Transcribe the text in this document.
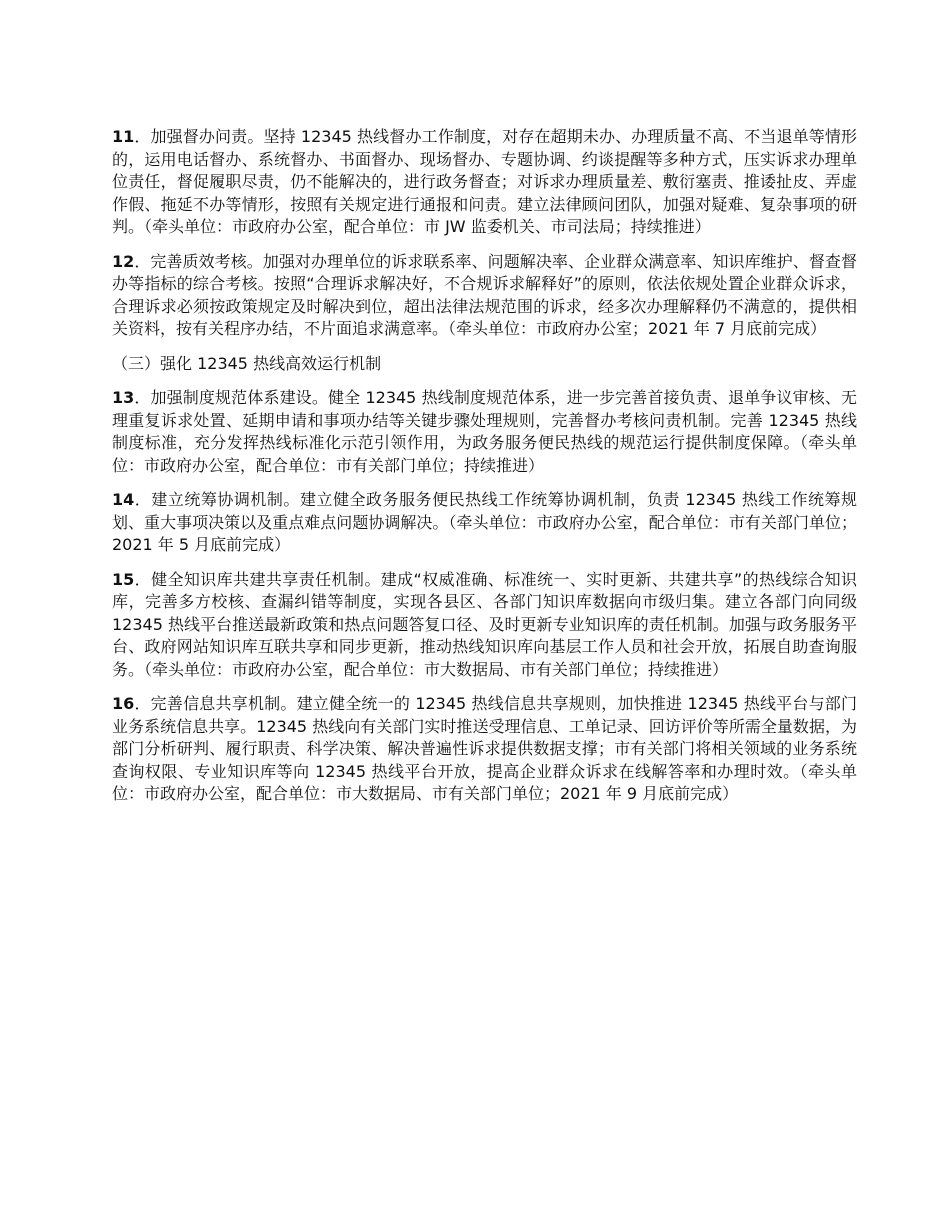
11．加强督办问责。坚持 12345 热线督办工作制度，对存在超期未办、办理质量不高、不当退单等情形的，运用电话督办、系统督办、书面督办、现场督办、专题协调、约谈提醒等多种方式，压实诉求办理单位责任，督促履职尽责，仍不能解决的，进行政务督查；对诉求办理质量差、敷衍塞责、推诿扯皮、弄虚作假、拖延不办等情形，按照有关规定进行通报和问责。建立法律顾问团队，加强对疑难、复杂事项的研判。（牵头单位：市政府办公室，配合单位：市 JW 监委机关、市司法局；持续推进）

12．完善质效考核。加强对办理单位的诉求联系率、问题解决率、企业群众满意率、知识库维护、督查督办等指标的综合考核。按照“合理诉求解决好，不合规诉求解释好”的原则，依法依规处置企业群众诉求，合理诉求必须按政策规定及时解决到位，超出法律法规范围的诉求，经多次办理解释仍不满意的，提供相关资料，按有关程序办结，不片面追求满意率。（牵头单位：市政府办公室；2021 年 7 月底前完成）

（三）强化 12345 热线高效运行机制

13．加强制度规范体系建设。健全 12345 热线制度规范体系，进一步完善首接负责、退单争议审核、无理重复诉求处置、延期申请和事项办结等关键步骤处理规则，完善督办考核问责机制。完善 12345 热线制度标准，充分发挥热线标准化示范引领作用，为政务服务便民热线的规范运行提供制度保障。（牵头单位：市政府办公室，配合单位：市有关部门单位；持续推进）

14．建立统筹协调机制。建立健全政务服务便民热线工作统筹协调机制，负责 12345 热线工作统筹规划、重大事项决策以及重点难点问题协调解决。（牵头单位：市政府办公室，配合单位：市有关部门单位；2021 年 5 月底前完成）

15．健全知识库共建共享责任机制。建成“权威准确、标准统一、实时更新、共建共享”的热线综合知识库，完善多方校核、查漏纠错等制度，实现各县区、各部门知识库数据向市级归集。建立各部门向同级 12345 热线平台推送最新政策和热点问题答复口径、及时更新专业知识库的责任机制。加强与政务服务平台、政府网站知识库互联共享和同步更新，推动热线知识库向基层工作人员和社会开放，拓展自助查询服务。（牵头单位：市政府办公室，配合单位：市大数据局、市有关部门单位；持续推进）

16．完善信息共享机制。建立健全统一的 12345 热线信息共享规则，加快推进 12345 热线平台与部门业务系统信息共享。12345 热线向有关部门实时推送受理信息、工单记录、回访评价等所需全量数据，为部门分析研判、履行职责、科学决策、解决普遍性诉求提供数据支撑；市有关部门将相关领域的业务系统查询权限、专业知识库等向 12345 热线平台开放，提高企业群众诉求在线解答率和办理时效。（牵头单位：市政府办公室，配合单位：市大数据局、市有关部门单位；2021 年 9 月底前完成）
